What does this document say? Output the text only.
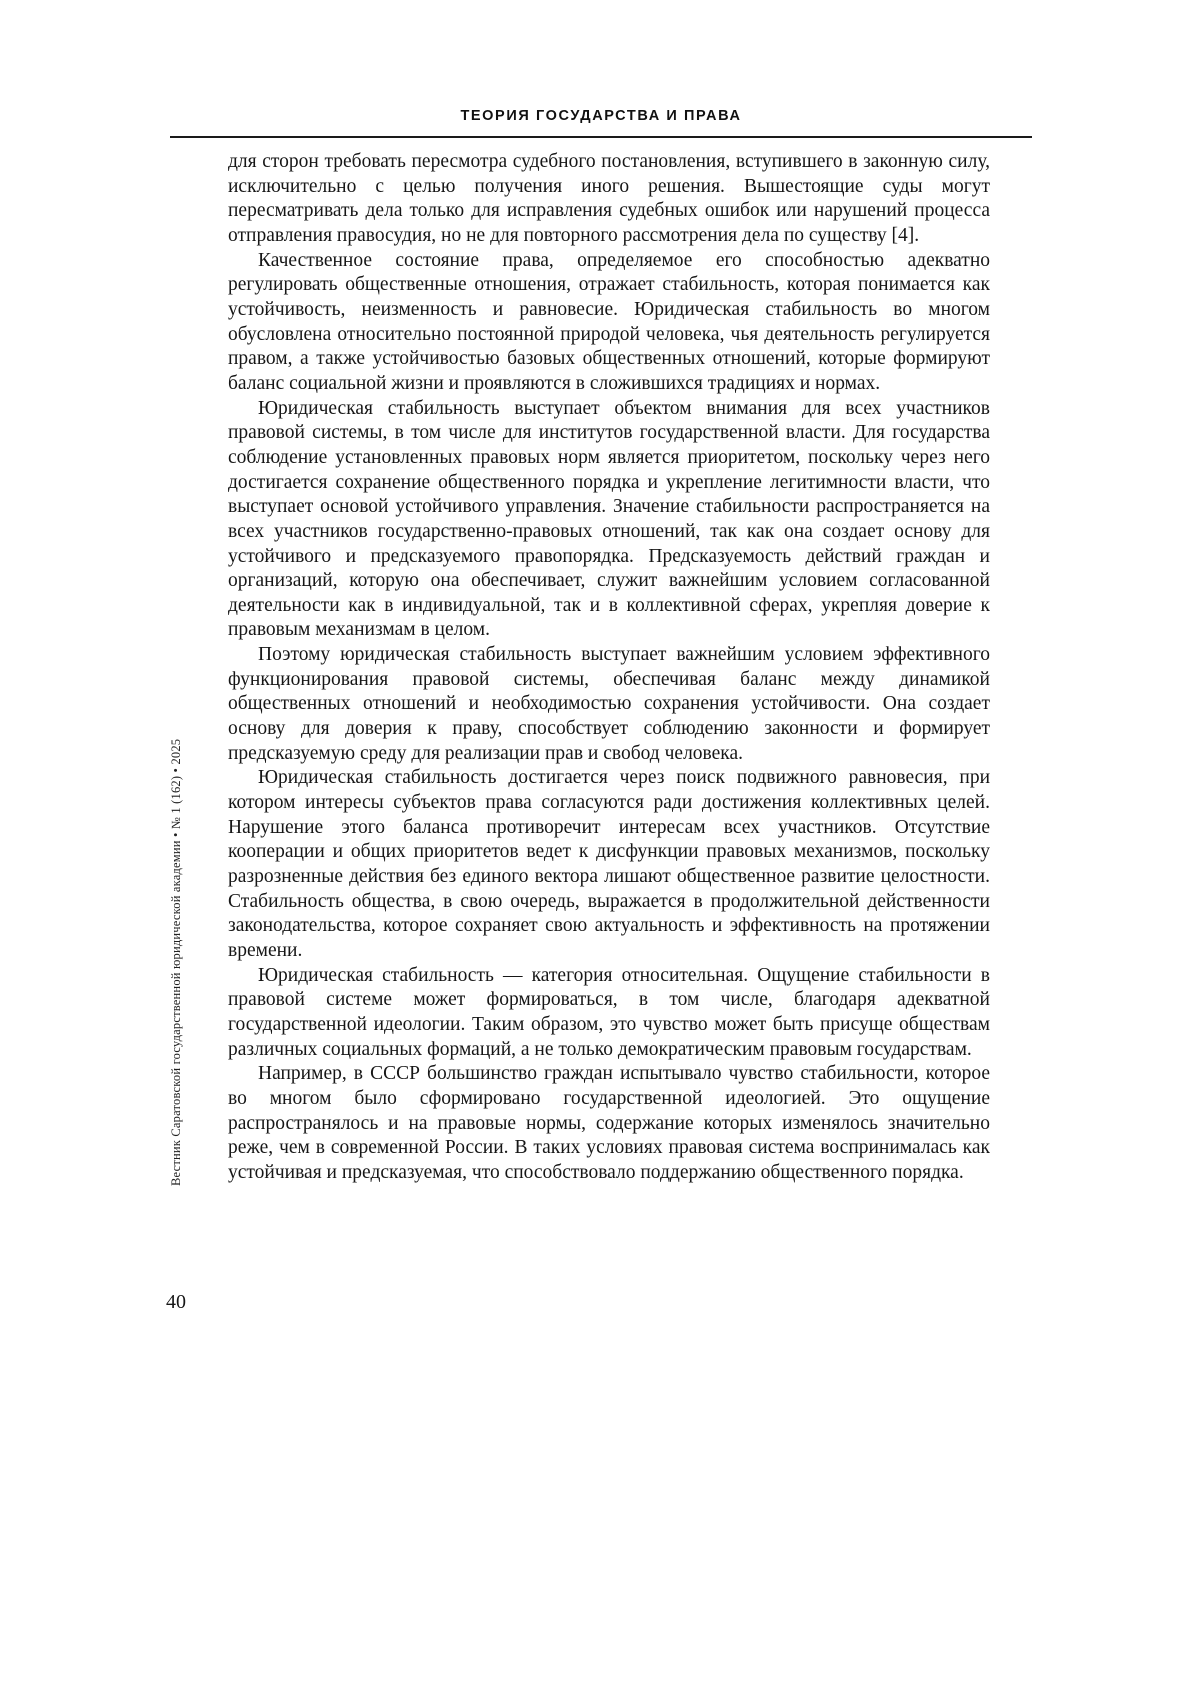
ТЕОРИЯ ГОСУДАРСТВА И ПРАВА

для сторон требовать пересмотра судебного постановления, вступившего в законную силу, исключительно с целью получения иного решения. Вышестоящие суды могут пересматривать дела только для исправления судебных ошибок или нарушений процесса отправления правосудия, но не для повторного рассмотрения дела по существу [4].

Качественное состояние права, определяемое его способностью адекватно регулировать общественные отношения, отражает стабильность, которая понимается как устойчивость, неизменность и равновесие. Юридическая стабильность во многом обусловлена относительно постоянной природой человека, чья деятельность регулируется правом, а также устойчивостью базовых общественных отношений, которые формируют баланс социальной жизни и проявляются в сложившихся традициях и нормах.

Юридическая стабильность выступает объектом внимания для всех участников правовой системы, в том числе для институтов государственной власти. Для государства соблюдение установленных правовых норм является приоритетом, поскольку через него достигается сохранение общественного порядка и укрепление легитимности власти, что выступает основой устойчивого управления. Значение стабильности распространяется на всех участников государственно-правовых отношений, так как она создает основу для устойчивого и предсказуемого правопорядка. Предсказуемость действий граждан и организаций, которую она обеспечивает, служит важнейшим условием согласованной деятельности как в индивидуальной, так и в коллективной сферах, укрепляя доверие к правовым механизмам в целом.

Поэтому юридическая стабильность выступает важнейшим условием эффективного функционирования правовой системы, обеспечивая баланс между динамикой общественных отношений и необходимостью сохранения устойчивости. Она создает основу для доверия к праву, способствует соблюдению законности и формирует предсказуемую среду для реализации прав и свобод человека.

Юридическая стабильность достигается через поиск подвижного равновесия, при котором интересы субъектов права согласуются ради достижения коллективных целей. Нарушение этого баланса противоречит интересам всех участников. Отсутствие кооперации и общих приоритетов ведет к дисфункции правовых механизмов, поскольку разрозненные действия без единого вектора лишают общественное развитие целостности. Стабильность общества, в свою очередь, выражается в продолжительной действенности законодательства, которое сохраняет свою актуальность и эффективность на протяжении времени.

Юридическая стабильность — категория относительная. Ощущение стабильности в правовой системе может формироваться, в том числе, благодаря адекватной государственной идеологии. Таким образом, это чувство может быть присуще обществам различных социальных формаций, а не только демократическим правовым государствам.

Например, в СССР большинство граждан испытывало чувство стабильности, которое во многом было сформировано государственной идеологией. Это ощущение распространялось и на правовые нормы, содержание которых изменялось значительно реже, чем в современной России. В таких условиях правовая система воспринималась как устойчивая и предсказуемая, что способствовало поддержанию общественного порядка.

Вестник Саратовской государственной юридической академии • № 1 (162) • 2025
40
